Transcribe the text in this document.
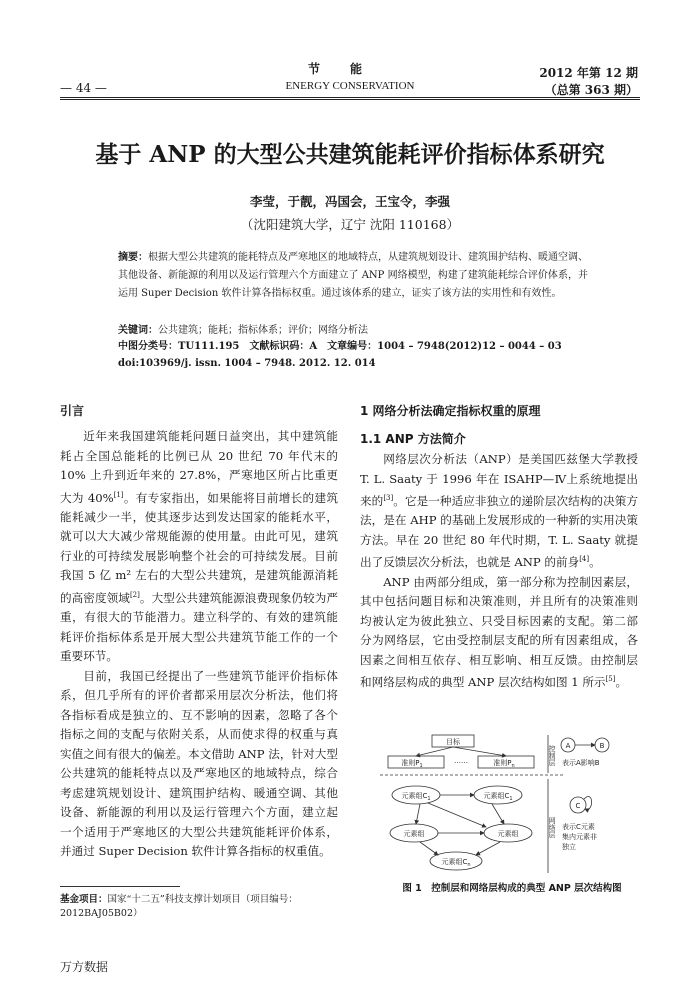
节能
ENERGY CONSERVATION
2012 年第 12 期
（总第 363 期）
— 44 —
基于 ANP 的大型公共建筑能耗评价指标体系研究
李莹，于靓，冯国会，王宝令，李强
（沈阳建筑大学，辽宁 沈阳 110168）
摘要：根据大型公共建筑的能耗特点及严寒地区的地域特点，从建筑规划设计、建筑围护结构、暖通空调、其他设备、新能源的利用以及运行管理六个方面建立了 ANP 网络模型，构建了建筑能耗综合评价体系，并运用 Super Decision 软件计算各指标权重。通过该体系的建立，证实了该方法的实用性和有效性。
关键词：公共建筑；能耗；指标体系；评价；网络分析法
中图分类号：TU111.195　文献标识码：A　文章编号：1004 – 7948(2012)12 – 0044 – 03
doi:103969/j. issn. 1004 – 7948. 2012. 12. 014
引言

近年来我国建筑能耗问题日益突出，其中建筑能耗占全国总能耗的比例已从 20 世纪 70 年代末的 10% 上升到近年来的 27.8%，严寒地区所占比重更大为 40%[1]。有专家指出，如果能将目前增长的建筑能耗减少一半，使其逐步达到发达国家的能耗水平，就可以大大减少常规能源的使用量。由此可见，建筑行业的可持续发展影响整个社会的可持续发展。目前我国 5 亿 m² 左右的大型公共建筑，是建筑能源消耗的高密度领域[2]。大型公共建筑能源浪费现象仍较为严重，有很大的节能潜力。建立科学的、有效的建筑能耗评价指标体系是开展大型公共建筑节能工作的一个重要环节。

目前，我国已经提出了一些建筑节能评价指标体系，但几乎所有的评价者都采用层次分析法，他们将各指标看成是独立的、互不影响的因素，忽略了各个指标之间的支配与依附关系，从而使求得的权重与真实值之间有很大的偏差。本文借助 ANP 法，针对大型公共建筑的能耗特点以及严寒地区的地域特点，综合考虑建筑规划设计、建筑围护结构、暖通空调、其他设备、新能源的利用以及运行管理六个方面，建立起一个适用于严寒地区的大型公共建筑能耗评价体系，并通过 Super Decision 软件计算各指标的权重值。

基金项目：国家“十二五”科技支撑计划项目（项目编号：2012BAJ05B02）
1 网络分析法确定指标权重的原理
1.1 ANP 方法简介

网络层次分析法（ANP）是美国匹兹堡大学教授 T. L. Saaty 于 1996 年在 ISAHP—Ⅳ上系统地提出来的[3]。它是一种适应非独立的递阶层次结构的决策方法，是在 AHP 的基础上发展形成的一种新的实用决策方法。早在 20 世纪 80 年代时期，T. L. Saaty 就提出了反馈层次分析法，也就是 ANP 的前身[4]。

ANP 由两部分组成，第一部分称为控制因素层，其中包括问题目标和决策准则，并且所有的决策准则均被认定为彼此独立、只受目标因素的支配。第二部分为网络层，它由受控制层支配的所有因素组成，各因素之间相互依存、相互影响、相互反馈。由控制层和网络层构成的典型 ANP 层次结构如图 1 所示[5]。

目标
准则$P_1$	准则$P_n$
……	控制层
网络层
A	B
表示A影响B
元素组$C_1$	元素组$C_1$
元素组	元素组
元素组$C_n$
C
表示C元素
集内元素非
独立
图 1　控制层和网络层构成的典型 ANP 层次结构图
万方数据
